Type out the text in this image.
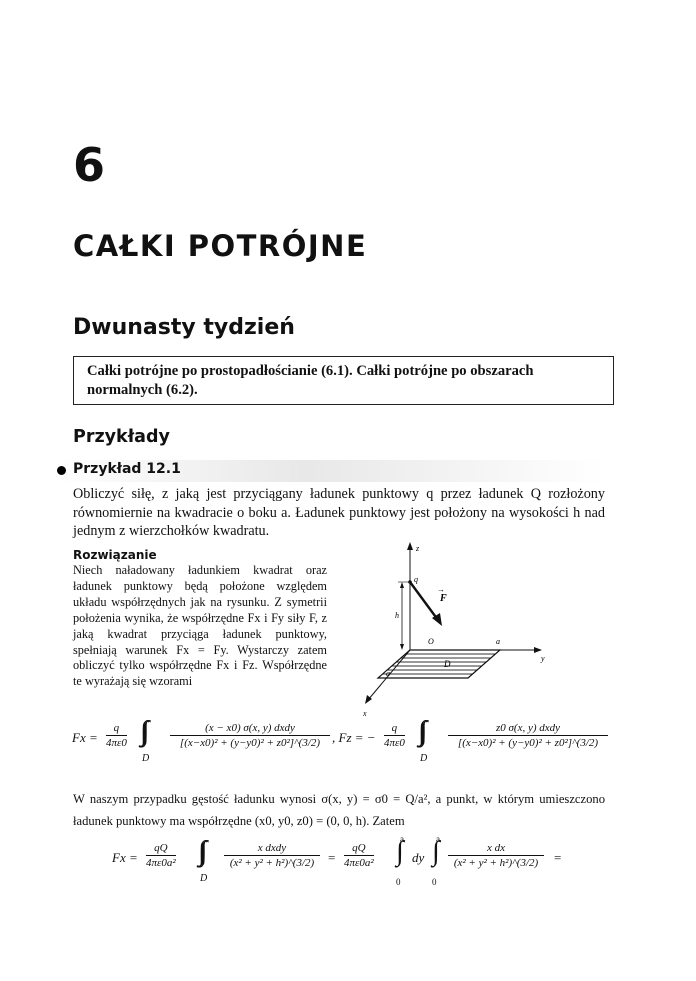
6
CAŁKI POTRÓJNE
Dwunasty tydzień
Całki potrójne po prostopadłościanie (6.1). Całki potrójne po obszarach normalnych (6.2).
Przykłady
Przykład 12.1
Obliczyć siłę, z jaką jest przyciągany ładunek punktowy q przez ładunek Q rozłożony równomiernie na kwadracie o boku a. Ładunek punktowy jest położony na wysokości h nad jednym z wierzchołków kwadratu.
Rozwiązanie
Niech naładowany ładunkiem kwadrat oraz ładunek punktowy będą położone względem układu współrzędnych jak na rysunku. Z symetrii położenia wynika, że współrzędne Fx i Fy siły F, z jaką kwadrat przyciąga ładunek punktowy, spełniają warunek Fx = Fy. Wystarczy zatem obliczyć tylko współrzędne Fx i Fz. Współrzędne te wyrażają się wzorami
z
q
F
→
h
O	a
y
D
a
x
$Fx = \frac{q}{4\pi\varepsilon 0}$ ∫∫
D
(x − x0) σ(x, y) dxdy
[(x−x0)² + (y−y0)² + z0²]^(3/2) , Fz = − $\frac{q}{4\pi\varepsilon 0}$ ∫∫
D
z0 σ(x, y) dxdy
[(x−x0)² + (y−y0)² + z0²]^(3/2)
W naszym przypadku gęstość ładunku wynosi σ(x, y) = σ0 = Q/a², a punkt, w którym umieszczono ładunek punktowy ma współrzędne (x0, y0, z0) = (0, 0, h). Zatem
$Fx = \frac{qQ}{\text{4πε0a²}}$ ∫∫
D
x dxdy
(x² + y² + h²)^(3/2)	= $\frac{qQ}{\text{4πε0a²}}$
a
∫
0
dy
a
∫
0
$\frac{\text{x dx}}{\text{(x² + y² + h²)\textasciicircum{}(3/2)}}$ =
